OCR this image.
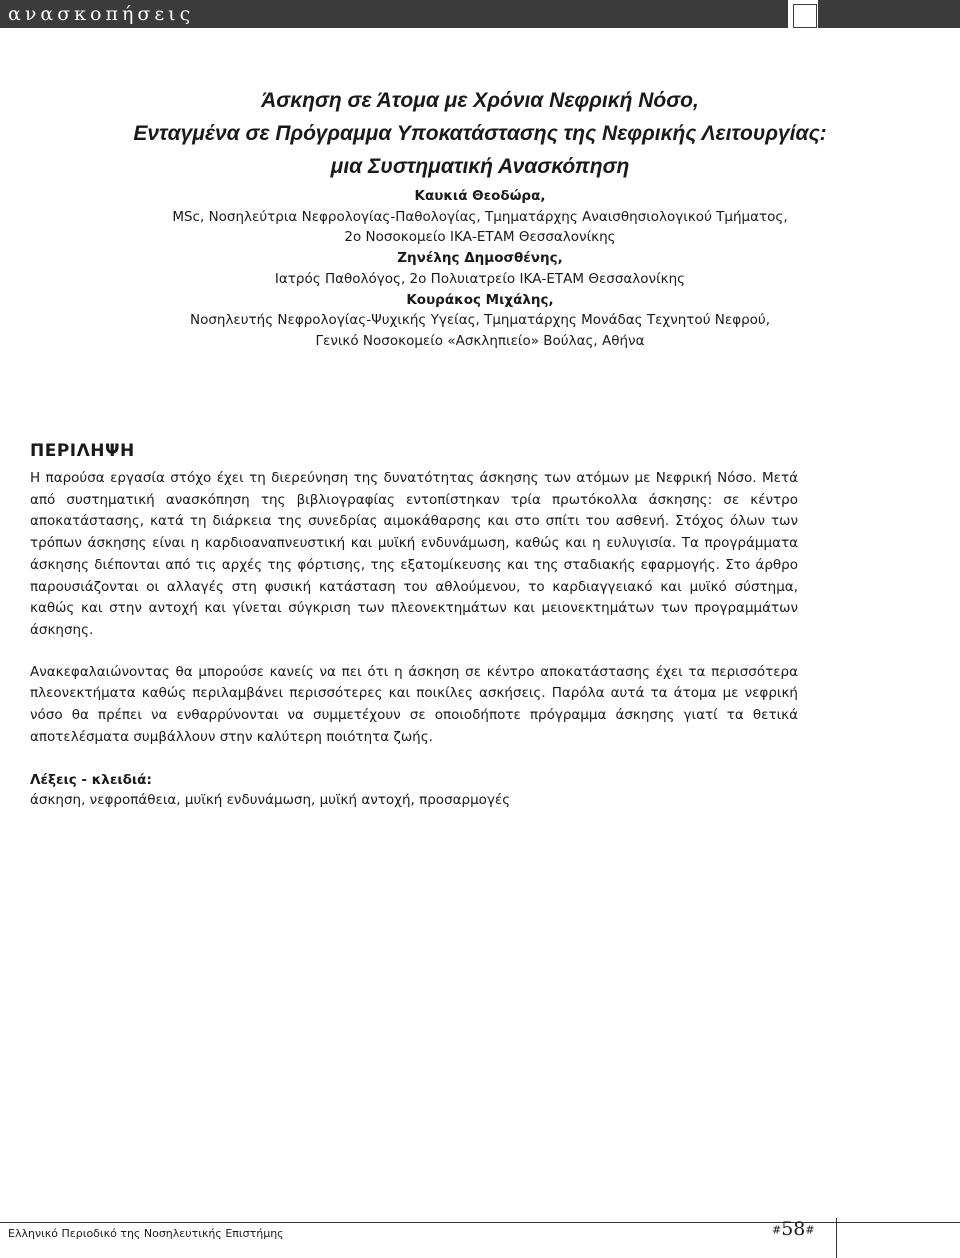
ανασκοπήσεις
Άσκηση σε Άτομα με Χρόνια Νεφρική Νόσο,
Ενταγμένα σε Πρόγραμμα Υποκατάστασης της Νεφρικής Λειτουργίας:
μια Συστηματική Ανασκόπηση
Καυκιά Θεοδώρα,
MSc, Νοσηλεύτρια Νεφρολογίας-Παθολογίας, Τμηματάρχης Αναισθησιολογικού Τμήματος,
2ο Νοσοκομείο ΙΚΑ-ΕΤΑΜ Θεσσαλονίκης
Ζηνέλης Δημοσθένης,
Ιατρός Παθολόγος, 2ο Πολυιατρείο ΙΚΑ-ΕΤΑΜ Θεσσαλονίκης
Κουράκος Μιχάλης,
Νοσηλευτής Νεφρολογίας-Ψυχικής Υγείας, Τμηματάρχης Μονάδας Τεχνητού Νεφρού,
Γενικό Νοσοκομείο «Ασκληπιείο» Βούλας, Αθήνα
ΠΕΡΙΛΗΨΗ

Η παρούσα εργασία στόχο έχει τη διερεύνηση της δυνατότητας άσκησης των ατόμων με Νεφρική Νόσο. Μετά από συστηματική ανασκόπηση της βιβλιογραφίας εντοπίστηκαν τρία πρωτόκολλα άσκησης: σε κέντρο αποκατάστασης, κατά τη διάρκεια της συνεδρίας αιμοκάθαρσης και στο σπίτι του ασθενή. Στόχος όλων των τρόπων άσκησης είναι η καρδιοαναπνευστική και μυϊκή ενδυνάμωση, καθώς και η ευλυγισία. Τα προγράμματα άσκησης διέπονται από τις αρχές της φόρτισης, της εξατομίκευσης και της σταδιακής εφαρμογής. Στο άρθρο παρουσιάζονται οι αλλαγές στη φυσική κατάσταση του αθλούμενου, το καρδιαγγειακό και μυϊκό σύστημα, καθώς και στην αντοχή και γίνεται σύγκριση των πλεονεκτημάτων και μειονεκτημάτων των προγραμμάτων άσκησης.

Ανακεφαλαιώνοντας θα μπορούσε κανείς να πει ότι η άσκηση σε κέντρο αποκατάστασης έχει τα περισσότερα πλεονεκτήματα καθώς περιλαμβάνει περισσότερες και ποικίλες ασκήσεις. Παρόλα αυτά τα άτομα με νεφρική νόσο θα πρέπει να ενθαρρύνονται να συμμετέχουν σε οποιοδήποτε πρόγραμμα άσκησης γιατί τα θετικά αποτελέσματα συμβάλλουν στην καλύτερη ποιότητα ζωής.

Λέξεις - κλειδιά:
άσκηση, νεφροπάθεια, μυϊκή ενδυνάμωση, μυϊκή αντοχή, προσαρμογές
Ελληνικό Περιοδικό της Νοσηλευτικής Επιστήμης	#58#
